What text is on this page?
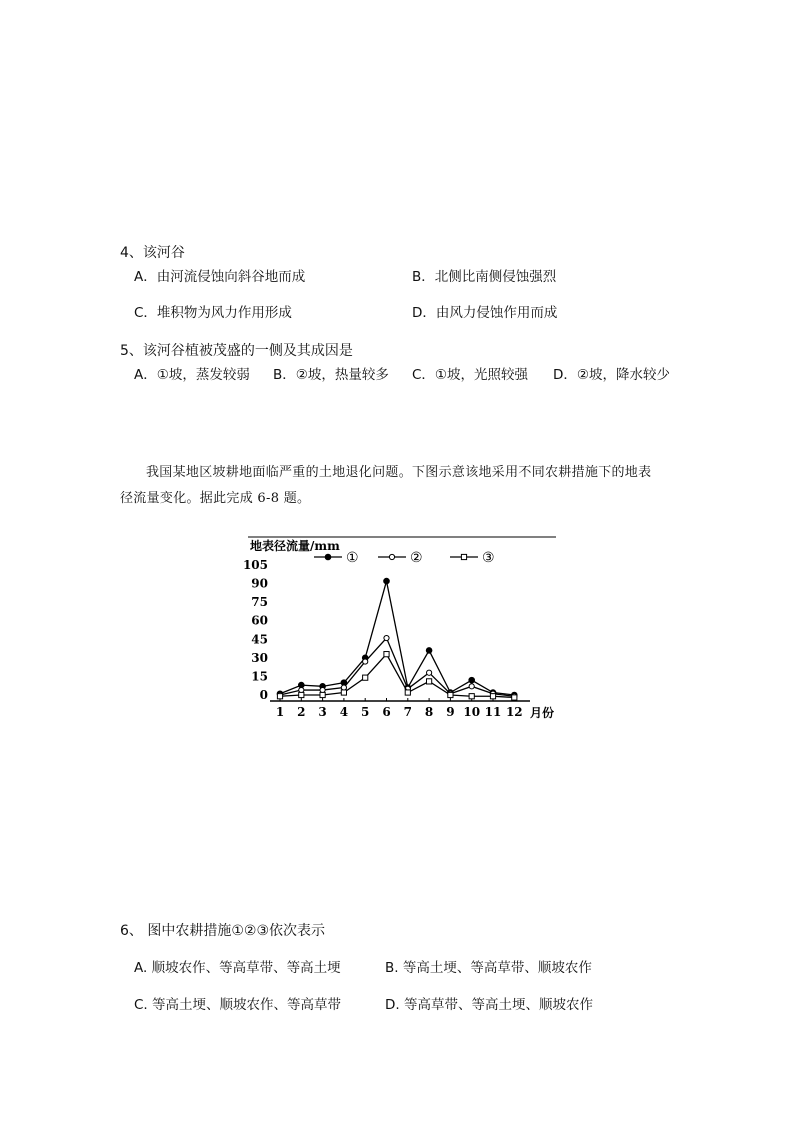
4、该河谷
A．由河流侵蚀向斜谷地而成	B．北侧比南侧侵蚀强烈
C．堆积物为风力作用形成	D．由风力侵蚀作用而成
5、该河谷植被茂盛的一侧及其成因是
A．①坡，蒸发较弱 B．②坡，热量较多 C．①坡，光照较强 D．②坡，降水较少
我国某地区坡耕地面临严重的土地退化问题。下图示意该地采用不同农耕措施下的地表
径流量变化。据此完成 6-8 题。
地表径流量/mm
①	②	③
0
15
30
45
60
75
90
105
1 2 3 4 5 6 7 8 9 10 11 12 月份
6、 图中农耕措施①②③依次表示
A. 顺坡农作、等高草带、等高土埂	B. 等高土埂、等高草带、顺坡农作
C. 等高土埂、顺坡农作、等高草带	D. 等高草带、等高土埂、顺坡农作
